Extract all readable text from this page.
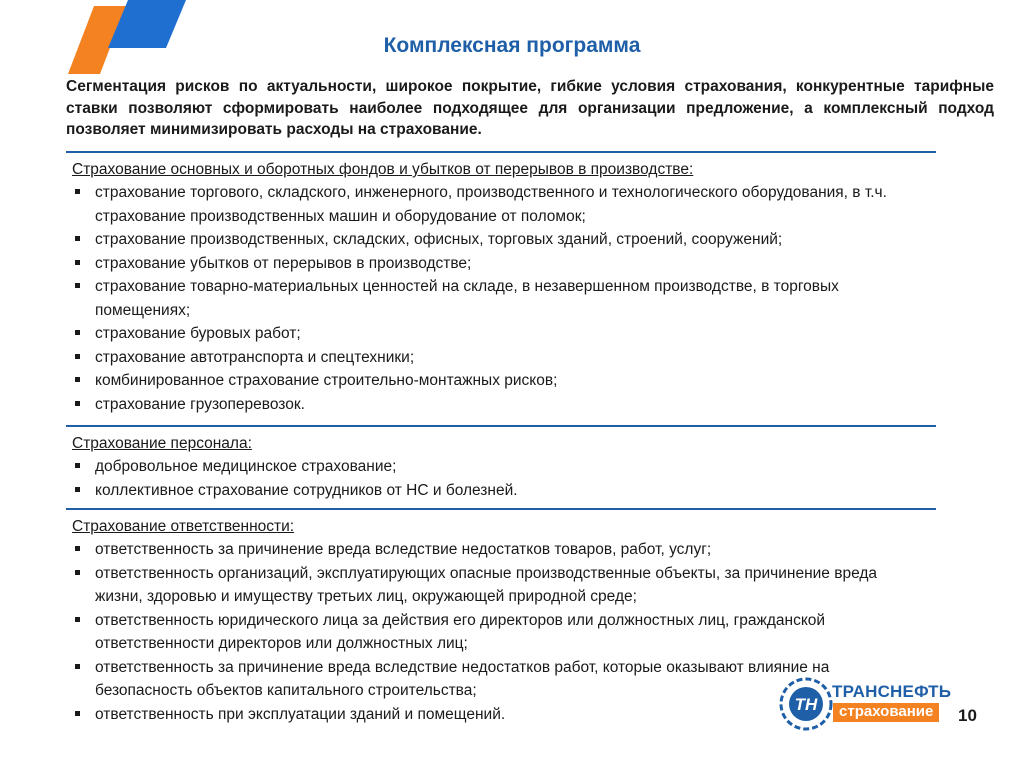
Комплексная программа
Сегментация рисков по актуальности, широкое покрытие, гибкие условия страхования, конкурентные тарифные ставки позволяют сформировать наиболее подходящее для организации предложение, а комплексный подход позволяет минимизировать расходы на страхование.
Страхование основных и оборотных фондов и убытков от перерывов в производстве:
страхование торгового, складского, инженерного, производственного и технологического оборудования, в т.ч. страхование производственных машин и оборудование от поломок;
страхование производственных, складских, офисных, торговых зданий, строений, сооружений;
страхование убытков от перерывов в производстве;
страхование товарно-материальных ценностей на складе, в незавершенном производстве, в торговых помещениях;
страхование буровых работ;
страхование автотранспорта и спецтехники;
комбинированное страхование строительно-монтажных рисков;
страхование грузоперевозок.
Страхование персонала:
добровольное медицинское страхование;
коллективное страхование сотрудников от НС и болезней.
Страхование ответственности:
ответственность за причинение вреда вследствие недостатков товаров, работ, услуг;
ответственность организаций, эксплуатирующих опасные производственные объекты, за причинение вреда жизни, здоровью и имуществу третьих лиц, окружающей природной среде;
ответственность юридического лица за действия его директоров или должностных лиц, гражданской ответственности директоров или должностных лиц;
ответственность за причинение вреда вследствие недостатков работ, которые оказывают влияние на безопасность объектов капитального строительства;
ответственность при эксплуатации зданий и помещений.	ТН
ТРАНСНЕФТЬ
страхование	10
